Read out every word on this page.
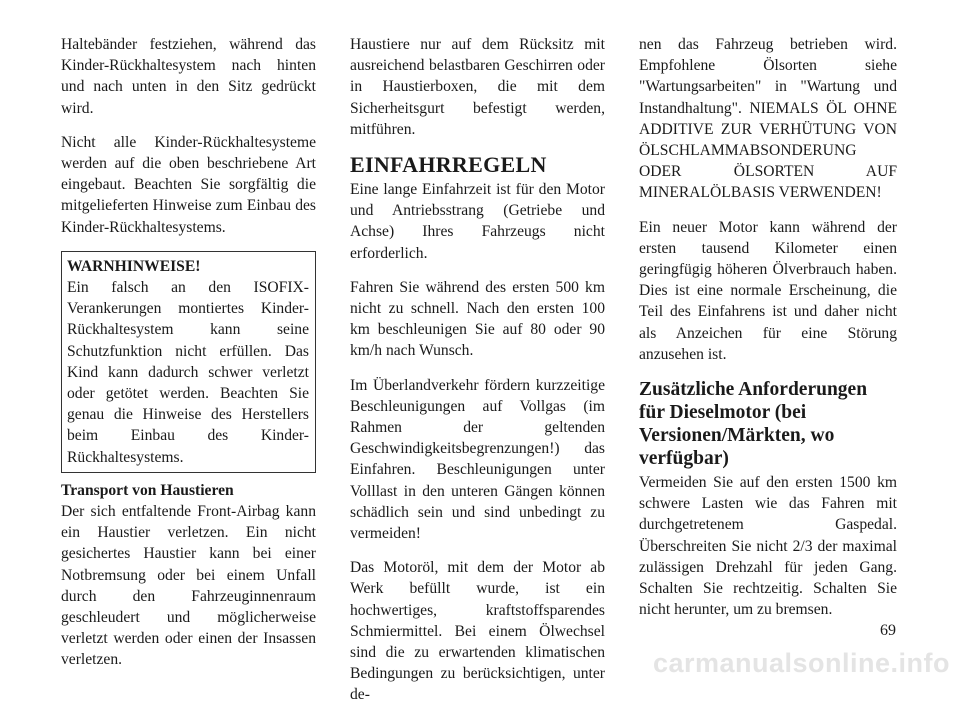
Haltebänder festziehen, während das Kinder-Rückhaltesystem nach hinten und nach unten in den Sitz gedrückt wird.

Nicht alle Kinder-Rückhaltesysteme werden auf die oben beschriebene Art eingebaut. Beachten Sie sorgfältig die mitgelieferten Hinweise zum Einbau des Kinder-Rückhaltesystems.

WARNHINWEISE!
Ein falsch an den ISOFIX-Verankerungen montiertes Kinder-Rückhaltesystem kann seine Schutzfunktion nicht erfüllen. Das Kind kann dadurch schwer verletzt oder getötet werden. Beachten Sie genau die Hinweise des Herstellers beim Einbau des Kinder-Rückhaltesystems.
Transport von Haustieren

Der sich entfaltende Front-Airbag kann ein Haustier verletzen. Ein nicht gesichertes Haustier kann bei einer Notbremsung oder bei einem Unfall durch den Fahrzeuginnenraum geschleudert und möglicherweise verletzt werden oder einen der Insassen verletzen.

Haustiere nur auf dem Rücksitz mit ausreichend belastbaren Geschirren oder in Haustierboxen, die mit dem Sicherheitsgurt befestigt werden, mitführen.

EINFAHRREGELN

Eine lange Einfahrzeit ist für den Motor und Antriebsstrang (Getriebe und Achse) Ihres Fahrzeugs nicht erforderlich.

Fahren Sie während des ersten 500 km nicht zu schnell. Nach den ersten 100 km beschleunigen Sie auf 80 oder 90 km/h nach Wunsch.

Im Überlandverkehr fördern kurzzeitige Beschleunigungen auf Vollgas (im Rahmen der geltenden Geschwindigkeitsbegrenzungen!) das Einfahren. Beschleunigungen unter Volllast in den unteren Gängen können schädlich sein und sind unbedingt zu vermeiden!

Das Motoröl, mit dem der Motor ab Werk befüllt wurde, ist ein hochwertiges, kraftstoffsparendes Schmiermittel. Bei einem Ölwechsel sind die zu erwartenden klimatischen Bedingungen zu berücksichtigen, unter de-

nen das Fahrzeug betrieben wird. Empfohlene Ölsorten siehe "Wartungsarbeiten" in "Wartung und Instandhaltung". NIEMALS ÖL OHNE ADDITIVE ZUR VERHÜTUNG VON ÖLSCHLAMMABSONDERUNG ODER ÖLSORTEN AUF MINERALÖLBASIS VERWENDEN!

Ein neuer Motor kann während der ersten tausend Kilometer einen geringfügig höheren Ölverbrauch haben. Dies ist eine normale Erscheinung, die Teil des Einfahrens ist und daher nicht als Anzeichen für eine Störung anzusehen ist.

Zusätzliche Anforderungen für Dieselmotor (bei Versionen/Märkten, wo verfügbar)

Vermeiden Sie auf den ersten 1500 km schwere Lasten wie das Fahren mit durchgetretenem Gaspedal. Überschreiten Sie nicht 2/3 der maximal zulässigen Drehzahl für jeden Gang. Schalten Sie rechtzeitig. Schalten Sie nicht herunter, um zu bremsen.

69
carmanualsonline.info
